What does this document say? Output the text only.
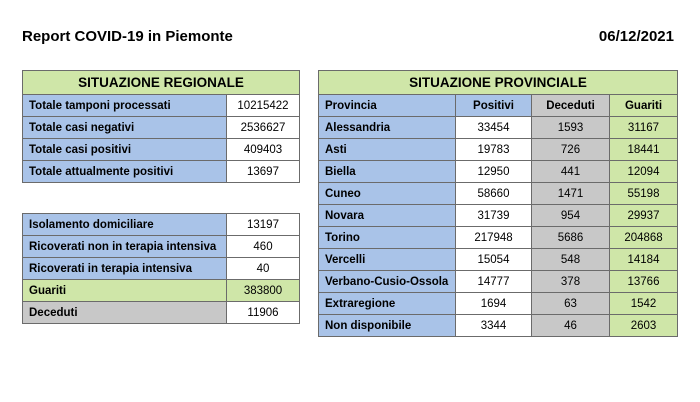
Report COVID-19 in Piemonte	06/12/2021
SITUAZIONE REGIONALE	
Totale tamponi processati	10215422
Totale casi negativi	2536627
Totale casi positivi	409403
Totale attualmente positivi	13697
Isolamento domiciliare	13197
Ricoverati non in terapia intensiva	460
Ricoverati in terapia intensiva	40
Guariti	383800
Deceduti	11906
SITUAZIONE PROVINCIALE			
Provincia	Positivi	Deceduti	Guariti
Alessandria	33454	1593	31167
Asti	19783	726	18441
Biella	12950	441	12094
Cuneo	58660	1471	55198
Novara	31739	954	29937
Torino	217948	5686	204868
Vercelli	15054	548	14184
Verbano-Cusio-Ossola	14777	378	13766
Extraregione	1694	63	1542
Non disponibile	3344	46	2603
